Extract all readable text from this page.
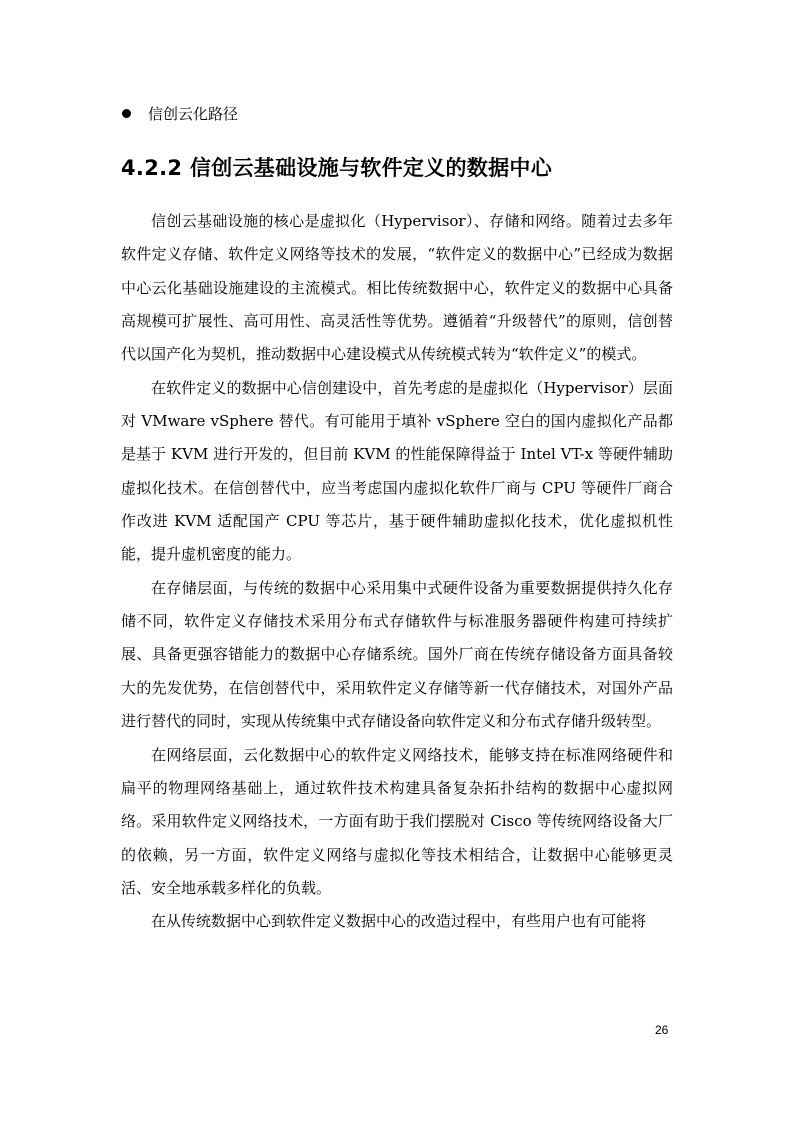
信创云化路径
4.2.2 信创云基础设施与软件定义的数据中心

信创云基础设施的核心是虚拟化（Hypervisor）、存储和网络。随着过去多年软件定义存储、软件定义网络等技术的发展，“软件定义的数据中心”已经成为数据中心云化基础设施建设的主流模式。相比传统数据中心，软件定义的数据中心具备高规模可扩展性、高可用性、高灵活性等优势。遵循着“升级替代”的原则，信创替代以国产化为契机，推动数据中心建设模式从传统模式转为“软件定义”的模式。

在软件定义的数据中心信创建设中，首先考虑的是虚拟化（Hypervisor）层面对 VMware vSphere 替代。有可能用于填补 vSphere 空白的国内虚拟化产品都是基于 KVM 进行开发的，但目前 KVM 的性能保障得益于 Intel VT-x 等硬件辅助虚拟化技术。在信创替代中，应当考虑国内虚拟化软件厂商与 CPU 等硬件厂商合作改进 KVM 适配国产 CPU 等芯片，基于硬件辅助虚拟化技术，优化虚拟机性能，提升虚机密度的能力。

在存储层面，与传统的数据中心采用集中式硬件设备为重要数据提供持久化存储不同，软件定义存储技术采用分布式存储软件与标准服务器硬件构建可持续扩展、具备更强容错能力的数据中心存储系统。国外厂商在传统存储设备方面具备较大的先发优势，在信创替代中，采用软件定义存储等新一代存储技术，对国外产品进行替代的同时，实现从传统集中式存储设备向软件定义和分布式存储升级转型。

在网络层面，云化数据中心的软件定义网络技术，能够支持在标准网络硬件和扁平的物理网络基础上，通过软件技术构建具备复杂拓扑结构的数据中心虚拟网络。采用软件定义网络技术，一方面有助于我们摆脱对 Cisco 等传统网络设备大厂的依赖，另一方面，软件定义网络与虚拟化等技术相结合，让数据中心能够更灵活、安全地承载多样化的负载。

在从传统数据中心到软件定义数据中心的改造过程中，有些用户也有可能将

26
